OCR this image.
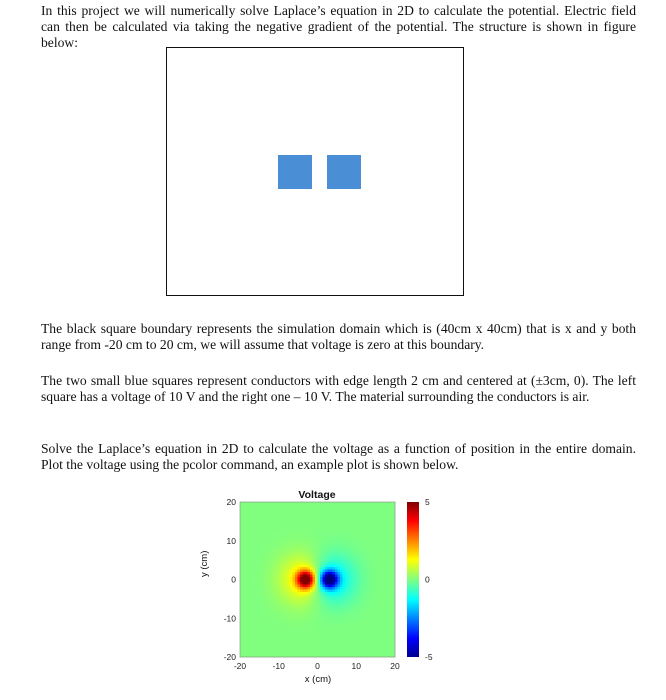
In this project we will numerically solve Laplace’s equation in 2D to calculate the potential. Electric field can then be calculated via taking the negative gradient of the potential. The structure is shown in figure below:

The black square boundary represents the simulation domain which is (40cm x 40cm) that is x and y both range from -20 cm to 20 cm, we will assume that voltage is zero at this boundary.

The two small blue squares represent conductors with edge length 2 cm and centered at (±3cm, 0). The left square has a voltage of 10 V and the right one – 10 V. The material surrounding the conductors is air.

Solve the Laplace’s equation in 2D to calculate the voltage as a function of position in the entire domain. Plot the voltage using the pcolor command, an example plot is shown below.

Voltage
-20	-10	0	10	20
20
10
0
-10
-20
5
0
-5
y (cm)
x (cm)
